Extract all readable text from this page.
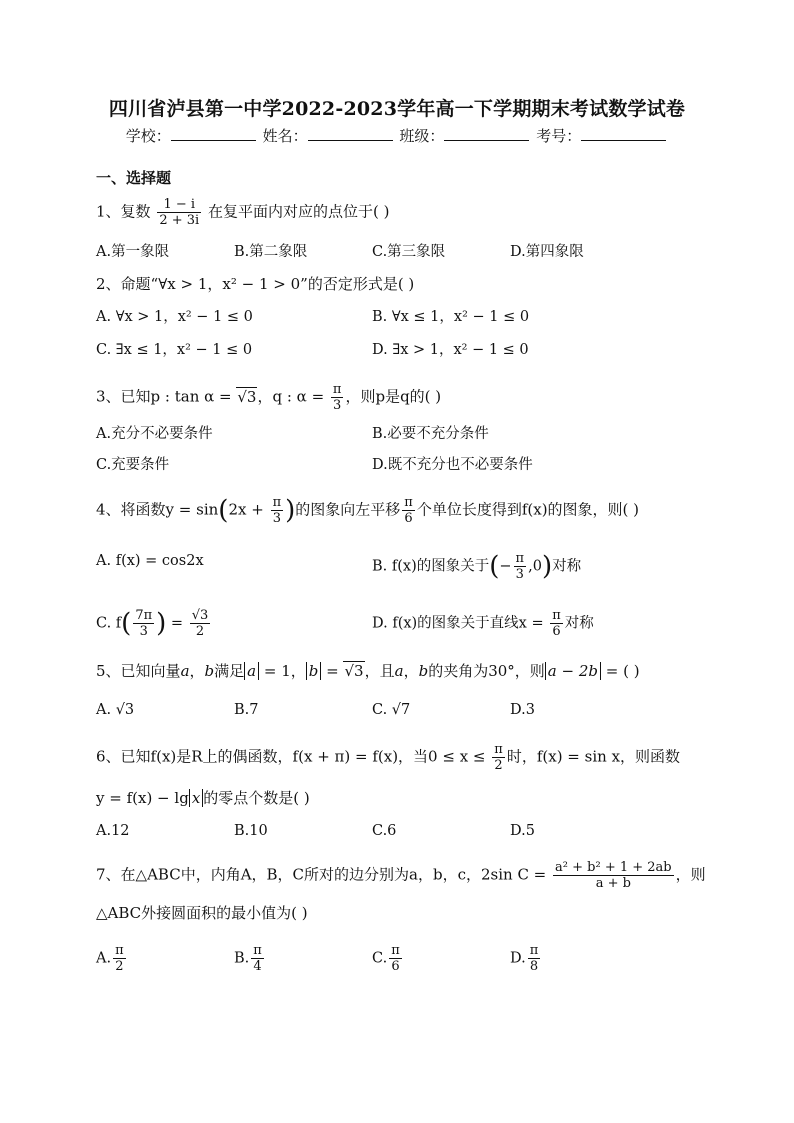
四川省泸县第一中学2022-2023学年高一下学期期末考试数学试卷
学校：	姓名：	班级：	考号：
一、选择题
1、复数 $\frac{1 - i}{2 + 3i}$ 在复平面内对应的点位于( )
A.第一象限	B.第二象限	C.第三象限	D.第四象限
2、命题“∀x > 1，x² − 1 > 0”的否定形式是( )
A. ∀x > 1，x² − 1 ≤ 0	B. ∀x ≤ 1，x² − 1 ≤ 0
C. ∃x ≤ 1，x² − 1 ≤ 0	D. ∃x > 1，x² − 1 ≤ 0
3、已知p : tan α = √3，q : $\alpha = \frac{\pi}{3}$ ，则p是q的( )
A.充分不必要条件	B.必要不充分条件
C.充要条件	D.既不充分也不必要条件
4、将函数$y = \sin(2x + \frac{\pi}{3}$ )的图象向左平移 $\frac{\pi}{6}$ 个单位长度得到f(x)的图象，则( )
A. f(x) = cos2x	B. f(x)的图象关于(− $\frac{\pi}{3} ,0$)对称
C. $f( \frac{7\pi}{3}$ ) = $\frac{√3}{2}$	D. f(x)的图象关于直线$x = \frac{\pi}{6}$ 对称
5、已知向量a，b满足 a = 1， b = √3，且a，b的夹角为30°，则 a − 2b = ( )
A. √3	B.7	C. √7	D.3
6、已知f(x)是R上的偶函数，f(x + π) = f(x)，当$0 \le x \le \frac{\pi}{2}$ 时，f(x) = sin x，则函数
y = f(x) − lg x 的零点个数是( )
A.12	B.10	C.6	D.5
7、在△ABC中，内角A，B，C所对的边分别为a，b，c，2sin $C = \frac{\text{a² + b² + 1 + 2ab}}{a + b}$ ，则
△ABC外接圆面积的最小值为( )
A. $\frac{\pi}{2}$	B. $\frac{\pi}{4}$	C. $\frac{\pi}{6}$	D. $\frac{\pi}{8}$
